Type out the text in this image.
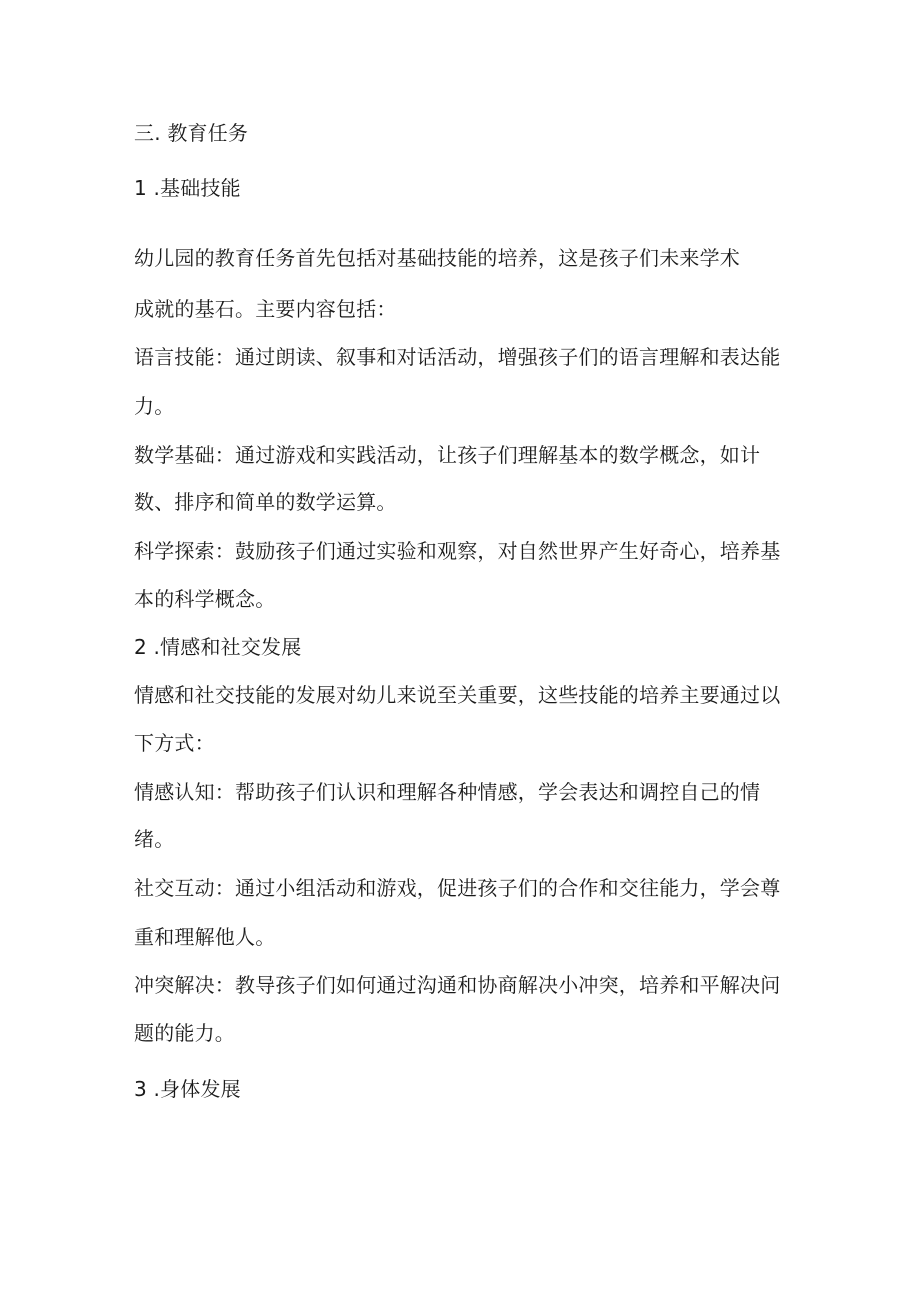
三. 教育任务
1 .基础技能
幼儿园的教育任务首先包括对基础技能的培养，这是孩子们未来学术
成就的基石。主要内容包括：
语言技能：通过朗读、叙事和对话活动，增强孩子们的语言理解和表达能
力。
数学基础：通过游戏和实践活动，让孩子们理解基本的数学概念，如计
数、排序和简单的数学运算。
科学探索：鼓励孩子们通过实验和观察，对自然世界产生好奇心，培养基
本的科学概念。
2 .情感和社交发展
情感和社交技能的发展对幼儿来说至关重要，这些技能的培养主要通过以
下方式：
情感认知：帮助孩子们认识和理解各种情感，学会表达和调控自己的情
绪。
社交互动：通过小组活动和游戏，促进孩子们的合作和交往能力，学会尊
重和理解他人。
冲突解决：教导孩子们如何通过沟通和协商解决小冲突，培养和平解决问
题的能力。
3 .身体发展
